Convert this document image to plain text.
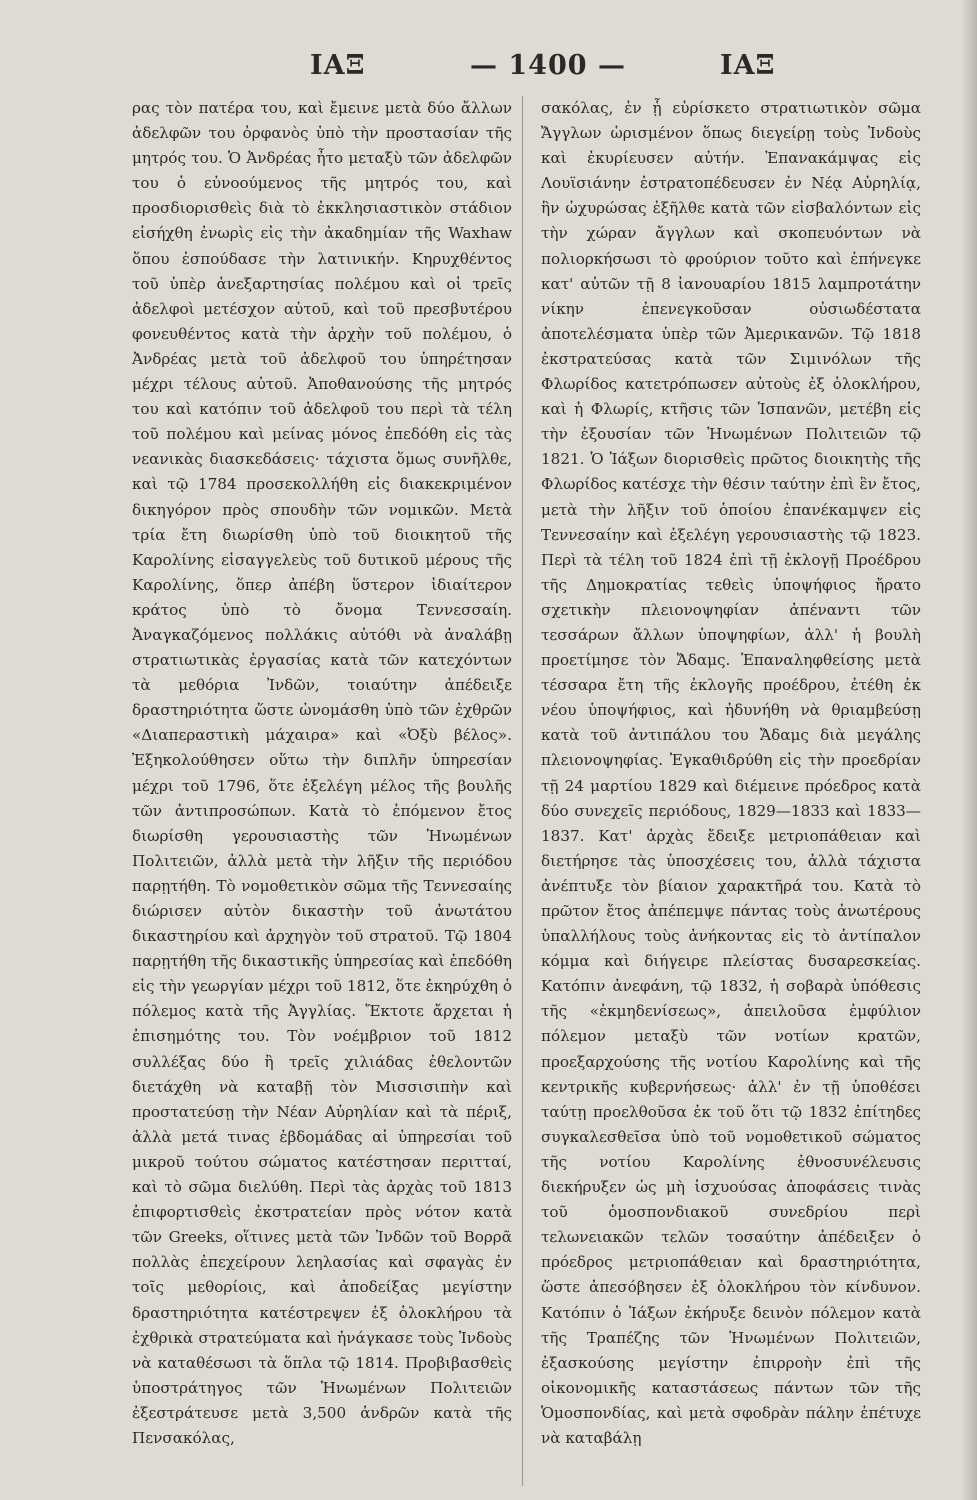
ΙΑΞ	— 1400 —	ΙΑΞ

ρας τὸν πατέρα του, καὶ ἔμεινε μετὰ δύο ἄλλων ἀδελφῶν του ὀρφανὸς ὑπὸ τὴν προστασίαν τῆς μητρός του. Ὁ Ἀνδρέας ἦτο μεταξὺ τῶν ἀδελφῶν του ὁ εὐνοούμενος τῆς μητρός του, καὶ προσδιορισθεὶς διὰ τὸ ἐκκλησιαστικὸν στάδιον εἰσήχθη ἐνωρὶς εἰς τὴν ἀκαδημίαν τῆς Waxhaw ὅπου ἐσπούδασε τὴν λατινικήν. Κηρυχθέντος τοῦ ὑπὲρ ἀνεξαρτησίας πολέμου καὶ οἱ τρεῖς ἀδελφοὶ μετέσχον αὐτοῦ, καὶ τοῦ πρεσβυτέρου φονευθέντος κατὰ τὴν ἀρχὴν τοῦ πολέμου, ὁ Ἀνδρέας μετὰ τοῦ ἀδελφοῦ του ὑπηρέτησαν μέχρι τέλους αὐτοῦ. Ἀποθανούσης τῆς μητρός του καὶ κατόπιν τοῦ ἀδελφοῦ του περὶ τὰ τέλη τοῦ πολέμου καὶ μείνας μόνος ἐπεδόθη εἰς τὰς νεανικὰς διασκεδάσεις· τάχιστα ὅμως συνῆλθε, καὶ τῷ 1784 προσεκολλήθη εἰς διακεκριμένον δικηγόρον πρὸς σπουδὴν τῶν νομικῶν. Μετὰ τρία ἔτη διωρίσθη ὑπὸ τοῦ διοικητοῦ τῆς Καρολίνης εἰσαγγελεὺς τοῦ δυτικοῦ μέρους τῆς Καρολίνης, ὅπερ ἀπέβη ὕστερον ἰδιαίτερον κράτος ὑπὸ τὸ ὄνομα Τεννεσσαίη. Ἀναγκαζόμενος πολλάκις αὐτόθι νὰ ἀναλάβῃ στρατιωτικὰς ἐργασίας κατὰ τῶν κατεχόντων τὰ μεθόρια Ἰνδῶν, τοιαύτην ἀπέδειξε δραστηριότητα ὥστε ὠνομάσθη ὑπὸ τῶν ἐχθρῶν «Διαπεραστικὴ μάχαιρα» καὶ «Ὀξὺ βέλος». Ἐξηκολούθησεν οὕτω τὴν διπλῆν ὑπηρεσίαν μέχρι τοῦ 1796, ὅτε ἐξελέγη μέλος τῆς βουλῆς τῶν ἀντιπροσώπων. Κατὰ τὸ ἑπόμενον ἔτος διωρίσθη γερουσιαστὴς τῶν Ἡνωμένων Πολιτειῶν, ἀλλὰ μετὰ τὴν λῆξιν τῆς περιόδου παρῃτήθη. Τὸ νομοθετικὸν σῶμα τῆς Τεννεσαίης διώρισεν αὐτὸν δικαστὴν τοῦ ἀνωτάτου δικαστηρίου καὶ ἀρχηγὸν τοῦ στρατοῦ. Τῷ 1804 παρῃτήθη τῆς δικαστικῆς ὑπηρεσίας καὶ ἐπεδόθη εἰς τὴν γεωργίαν μέχρι τοῦ 1812, ὅτε ἐκηρύχθη ὁ πόλεμος κατὰ τῆς Ἀγγλίας. Ἔκτοτε ἄρχεται ἡ ἐπισημότης του. Τὸν νοέμβριον τοῦ 1812 συλλέξας δύο ἢ τρεῖς χιλιάδας ἐθελοντῶν διετάχθη νὰ καταβῇ τὸν Μισσισιπὴν καὶ προστατεύσῃ τὴν Νέαν Αὐρηλίαν καὶ τὰ πέριξ, ἀλλὰ μετά τινας ἑβδομάδας αἱ ὑπηρεσίαι τοῦ μικροῦ τούτου σώματος κατέστησαν περιτταί, καὶ τὸ σῶμα διελύθη. Περὶ τὰς ἀρχὰς τοῦ 1813 ἐπιφορτισθεὶς ἐκστρατείαν πρὸς νότον κατὰ τῶν Greeks, οἵτινες μετὰ τῶν Ἰνδῶν τοῦ Βορρᾶ πολλὰς ἐπεχείρουν λεηλασίας καὶ σφαγὰς ἐν τοῖς μεθορίοις, καὶ ἀποδείξας μεγίστην δραστηριότητα κατέστρεψεν ἐξ ὁλοκλήρου τὰ ἐχθρικὰ στρατεύματα καὶ ἠνάγκασε τοὺς Ἰνδοὺς νὰ καταθέσωσι τὰ ὅπλα τῷ 1814. Προβιβασθεὶς ὑποστράτηγος τῶν Ἡνωμένων Πολιτειῶν ἐξεστράτευσε μετὰ 3,500 ἀνδρῶν κατὰ τῆς Πενσακόλας,

σακόλας, ἐν ᾗ εὑρίσκετο στρατιωτικὸν σῶμα Ἄγγλων ὡρισμένον ὅπως διεγείρῃ τοὺς Ἰνδοὺς καὶ ἐκυρίευσεν αὐτήν. Ἐπανακάμψας εἰς Λουϊσιάνην ἐστρατοπέδευσεν ἐν Νέᾳ Αὐρηλίᾳ, ἣν ὠχυρώσας ἐξῆλθε κατὰ τῶν εἰσβαλόντων εἰς τὴν χώραν ἄγγλων καὶ σκοπευόντων νὰ πολιορκήσωσι τὸ φρούριον τοῦτο καὶ ἐπήνεγκε κατ' αὐτῶν τῇ 8 ἰανουαρίου 1815 λαμπροτάτην νίκην ἐπενεγκοῦσαν οὐσιωδέστατα ἀποτελέσματα ὑπὲρ τῶν Ἀμερικανῶν. Τῷ 1818 ἐκστρατεύσας κατὰ τῶν Σιμινόλων τῆς Φλωρίδος κατετρόπωσεν αὐτοὺς ἐξ ὁλοκλήρου, καὶ ἡ Φλωρίς, κτῆσις τῶν Ἱσπανῶν, μετέβη εἰς τὴν ἐξουσίαν τῶν Ἡνωμένων Πολιτειῶν τῷ 1821. Ὁ Ἰάξων διορισθεὶς πρῶτος διοικητὴς τῆς Φλωρίδος κατέσχε τὴν θέσιν ταύτην ἐπὶ ἓν ἔτος, μετὰ τὴν λῆξιν τοῦ ὁποίου ἐπανέκαμψεν εἰς Τεννεσαίην καὶ ἐξελέγη γερουσιαστὴς τῷ 1823. Περὶ τὰ τέλη τοῦ 1824 ἐπὶ τῇ ἐκλογῇ Προέδρου τῆς Δημοκρατίας τεθεὶς ὑποψήφιος ἤρατο σχετικὴν πλειονοψηφίαν ἀπέναντι τῶν τεσσάρων ἄλλων ὑποψηφίων, ἀλλ' ἡ βουλὴ προετίμησε τὸν Ἄδαμς. Ἐπαναληφθείσης μετὰ τέσσαρα ἔτη τῆς ἐκλογῆς προέδρου, ἐτέθη ἐκ νέου ὑποψήφιος, καὶ ἠδυνήθη νὰ θριαμβεύσῃ κατὰ τοῦ ἀντιπάλου του Ἄδαμς διὰ μεγάλης πλειονοψηφίας. Ἐγκαθιδρύθη εἰς τὴν προεδρίαν τῇ 24 μαρτίου 1829 καὶ διέμεινε πρόεδρος κατὰ δύο συνεχεῖς περιόδους, 1829—1833 καὶ 1833—1837. Κατ' ἀρχὰς ἔδειξε μετριοπάθειαν καὶ διετήρησε τὰς ὑποσχέσεις του, ἀλλὰ τάχιστα ἀνέπτυξε τὸν βίαιον χαρακτῆρά του. Κατὰ τὸ πρῶτον ἔτος ἀπέπεμψε πάντας τοὺς ἀνωτέρους ὑπαλλήλους τοὺς ἀνήκοντας εἰς τὸ ἀντίπαλον κόμμα καὶ διήγειρε πλείστας δυσαρεσκείας. Κατόπιν ἀνεφάνη, τῷ 1832, ἡ σοβαρὰ ὑπόθεσις τῆς «ἐκμηδενίσεως», ἀπειλοῦσα ἐμφύλιον πόλεμον μεταξὺ τῶν νοτίων κρατῶν, προεξαρχούσης τῆς νοτίου Καρολίνης καὶ τῆς κεντρικῆς κυβερνήσεως· ἀλλ' ἐν τῇ ὑποθέσει ταύτῃ προελθοῦσα ἐκ τοῦ ὅτι τῷ 1832 ἐπίτηδες συγκαλεσθεῖσα ὑπὸ τοῦ νομοθετικοῦ σώματος τῆς νοτίου Καρολίνης ἐθνοσυνέλευσις διεκήρυξεν ὡς μὴ ἰσχυούσας ἀποφάσεις τινὰς τοῦ ὁμοσπονδιακοῦ συνεδρίου περὶ τελωνειακῶν τελῶν τοσαύτην ἀπέδειξεν ὁ πρόεδρος μετριοπάθειαν καὶ δραστηριότητα, ὥστε ἀπεσόβησεν ἐξ ὁλοκλήρου τὸν κίνδυνον. Κατόπιν ὁ Ἰάξων ἐκήρυξε δεινὸν πόλεμον κατὰ τῆς Τραπέζης τῶν Ἡνωμένων Πολιτειῶν, ἐξασκούσης μεγίστην ἐπιρροὴν ἐπὶ τῆς οἰκονομικῆς καταστάσεως πάντων τῶν τῆς Ὁμοσπονδίας, καὶ μετὰ σφοδρὰν πάλην ἐπέτυχε νὰ καταβάλῃ
